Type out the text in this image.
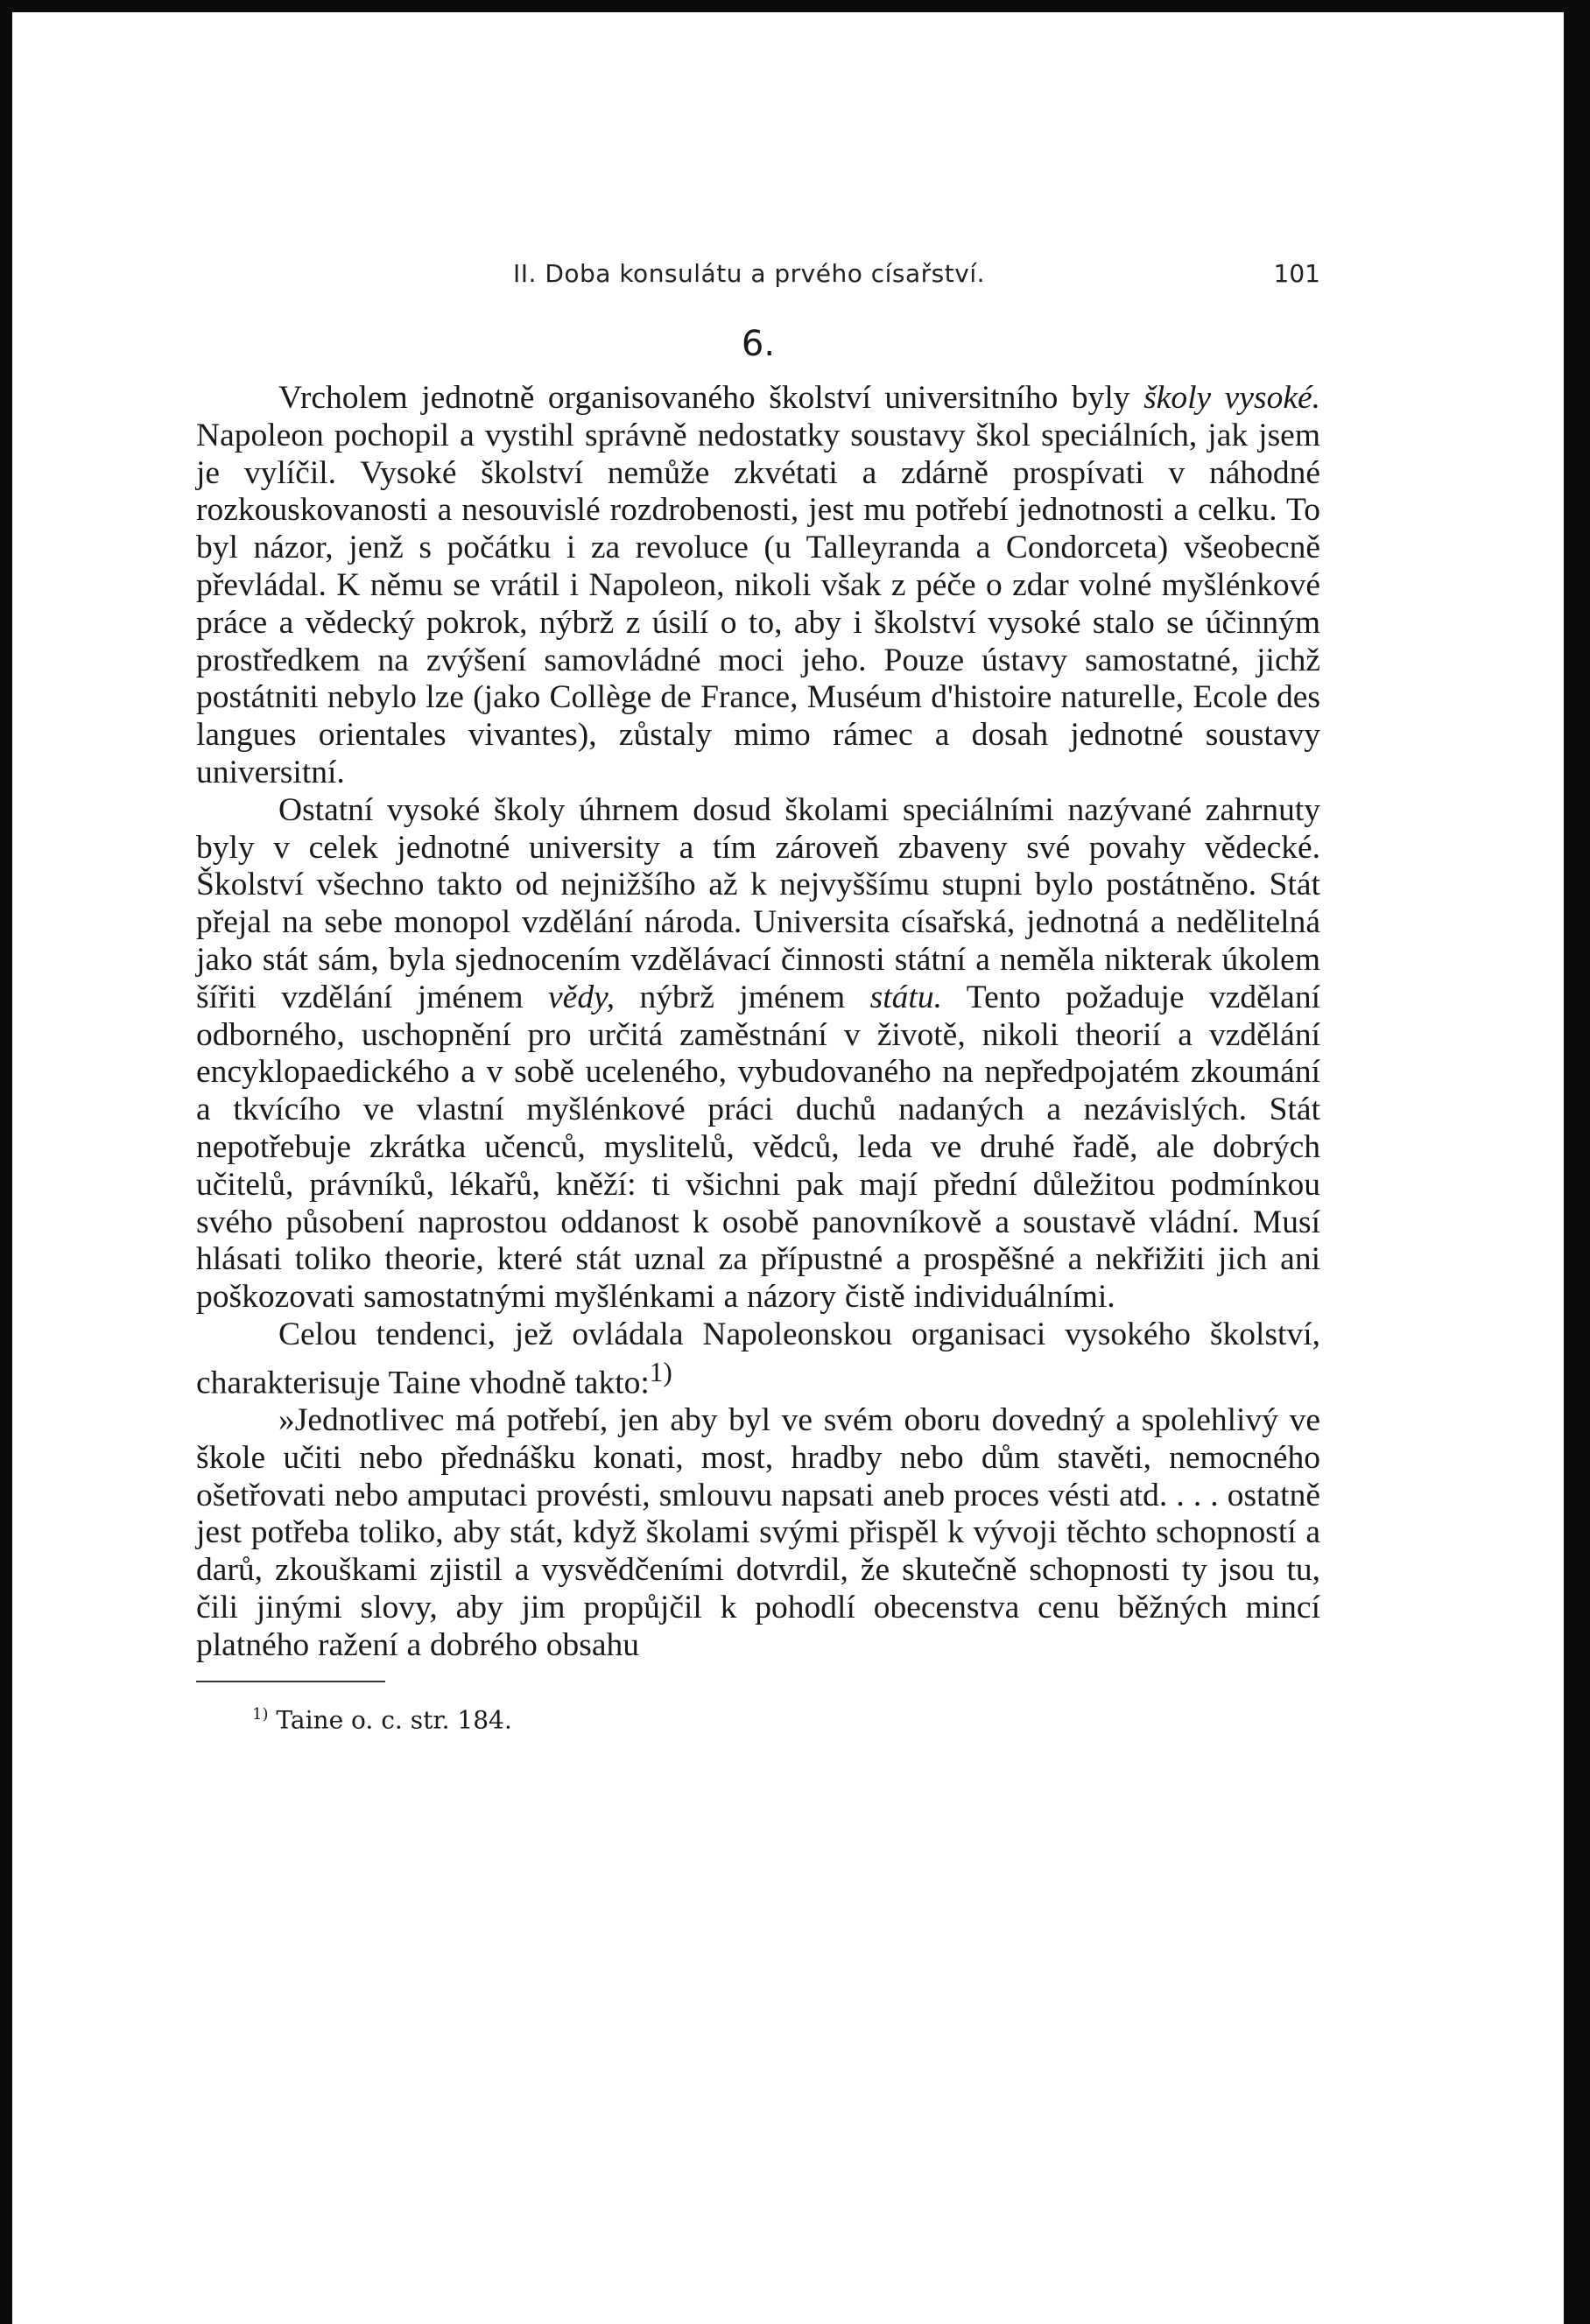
II. Doba konsulátu a prvého císařství.	101
6.

Vrcholem jednotně organisovaného školství universitního byly školy vysoké. Napoleon pochopil a vystihl správně nedostatky soustavy škol speciálních, jak jsem je vylíčil. Vysoké školství nemůže zkvétati a zdárně prospívati v náhodné rozkouskovanosti a nesouvislé rozdrobenosti, jest mu potřebí jednotnosti a celku. To byl názor, jenž s počátku i za revoluce (u Talleyranda a Condorceta) všeobecně převládal. K němu se vrátil i Napoleon, nikoli však z péče o zdar volné myšlénkové práce a vědecký pokrok, nýbrž z úsilí o to, aby i školství vysoké stalo se účinným prostředkem na zvýšení samovládné moci jeho. Pouze ústavy samostatné, jichž postátniti nebylo lze (jako Collège de France, Muséum d'histoire naturelle, Ecole des langues orientales vivantes), zůstaly mimo rámec a dosah jednotné soustavy universitní.

Ostatní vysoké školy úhrnem dosud školami speciálními nazývané zahrnuty byly v celek jednotné university a tím zároveň zbaveny své povahy vědecké. Školství všechno takto od nejnižšího až k nejvyššímu stupni bylo postátněno. Stát přejal na sebe monopol vzdělání národa. Universita císařská, jednotná a nedělitelná jako stát sám, byla sjednocením vzdělávací činnosti státní a neměla nikterak úkolem šířiti vzdělání jménem vědy, nýbrž jménem státu. Tento požaduje vzdělaní odborného, uschopnění pro určitá zaměstnání v životě, nikoli theorií a vzdělání encyklopaedického a v sobě uceleného, vybudovaného na nepředpojatém zkoumání a tkvícího ve vlastní myšlénkové práci duchů nadaných a nezávislých. Stát nepotřebuje zkrátka učenců, myslitelů, vědců, leda ve druhé řadě, ale dobrých učitelů, právníků, lékařů, kněží: ti všichni pak mají přední důležitou podmínkou svého působení naprostou oddanost k osobě panovníkově a soustavě vládní. Musí hlásati toliko theorie, které stát uznal za přípustné a prospěšné a nekřižiti jich ani poškozovati samostatnými myšlénkami a názory čistě individuálními.

Celou tendenci, jež ovládala Napoleonskou organisaci vysokého školství, charakterisuje Taine vhodně takto:$^{1)}$

»Jednotlivec má potřebí, jen aby byl ve svém oboru dovedný a spolehlivý ve škole učiti nebo přednášku konati, most, hradby nebo dům stavěti, nemocného ošetřovati nebo amputaci provésti, smlouvu napsati aneb proces vésti atd. . . . ostatně jest potřeba toliko, aby stát, když školami svými přispěl k vývoji těchto schopností a darů, zkouškami zjistil a vysvědčeními dotvrdil, že skutečně schopnosti ty jsou tu, čili jinými slovy, aby jim propůjčil k pohodlí obecenstva cenu běžných mincí platného ražení a dobrého obsahu

$^{1)}$ Taine o. c. str. 184.
